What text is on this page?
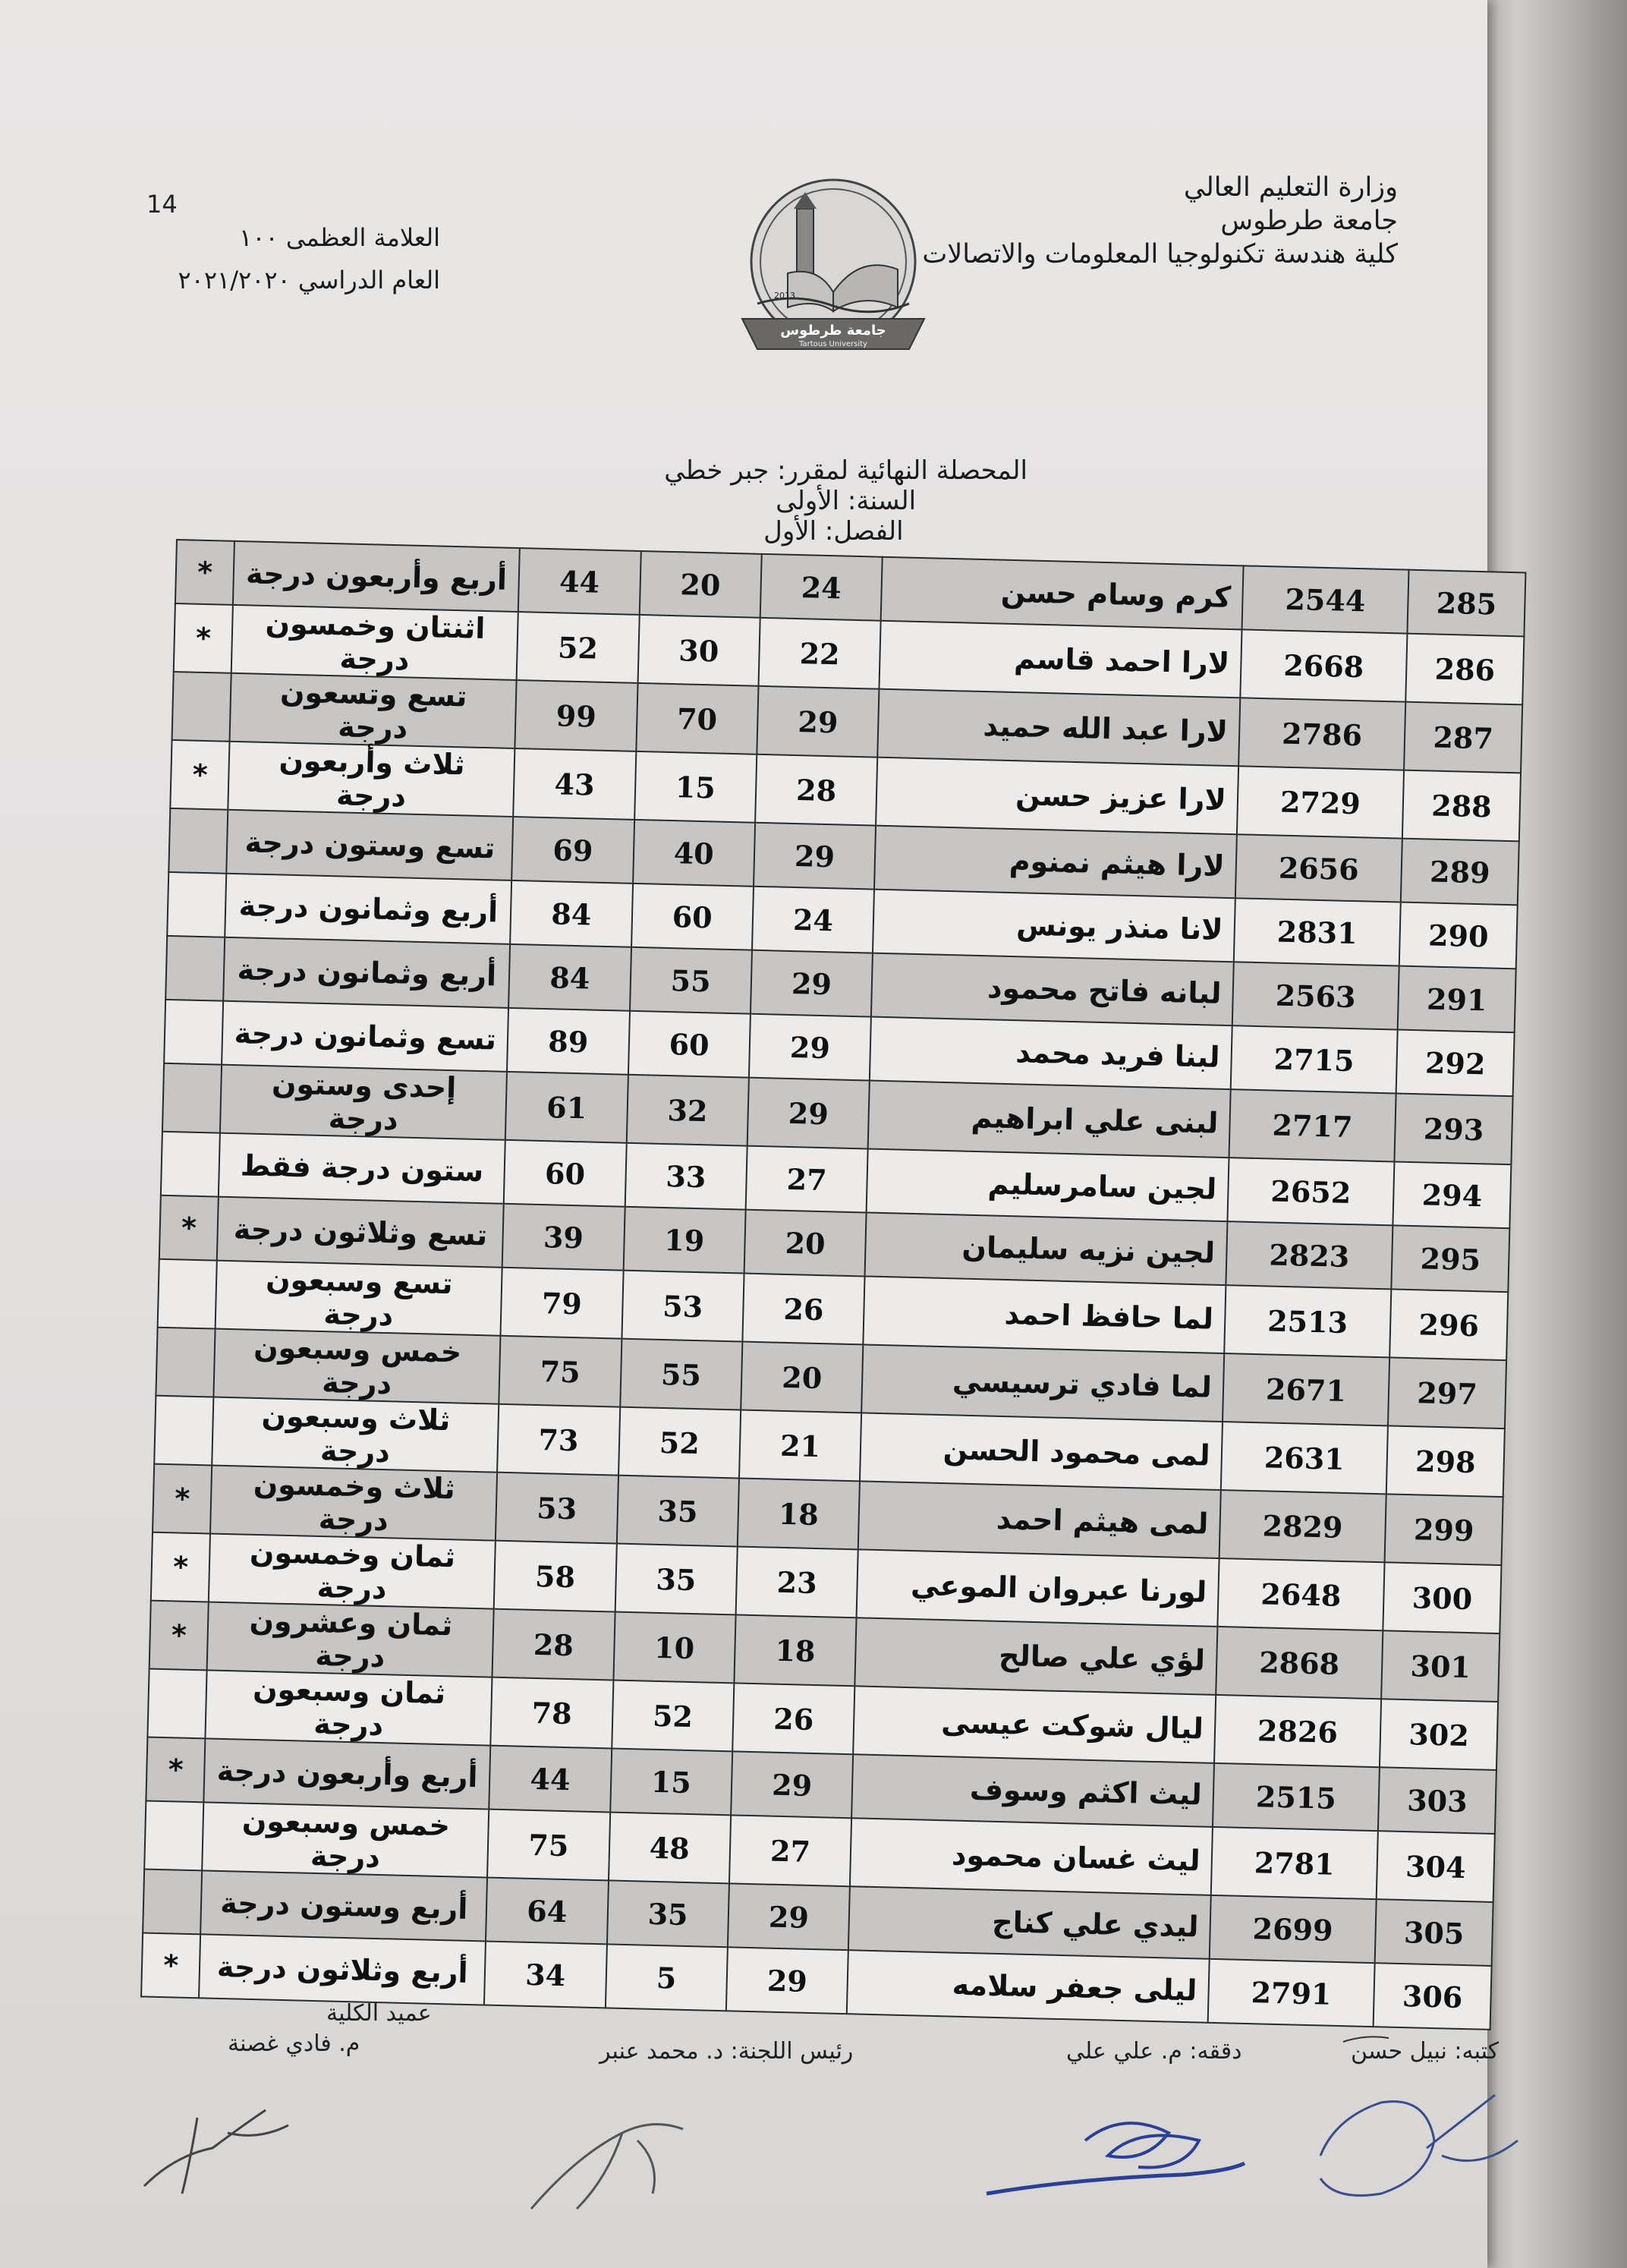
وزارة التعليم العالي
جامعة طرطوس
كلية هندسة تكنولوجيا المعلومات والاتصالات
14
العلامة العظمى ١٠٠
العام الدراسي ٢٠٢١/٢٠٢٠
2013
جامعة طرطوس
Tartous University

المحصلة النهائية لمقرر: جبر خطي
السنة: الأولى
الفصل: الأول

285	2544	كرم وسام حسن	24	20	44	أربع وأربعون درجة	*
286	2668	لارا احمد قاسم	22	30	52	اثنتان وخمسون درجة	*
287	2786	لارا عبد الله حميد	29	70	99	تسع وتسعون درجة	
288	2729	لارا عزيز حسن	28	15	43	ثلاث وأربعون درجة	*
289	2656	لارا هيثم نمنوم	29	40	69	تسع وستون درجة	
290	2831	لانا منذر يونس	24	60	84	أربع وثمانون درجة	
291	2563	لبانه فاتح محمود	29	55	84	أربع وثمانون درجة	
292	2715	لبنا فريد محمد	29	60	89	تسع وثمانون درجة	
293	2717	لبنى علي ابراهيم	29	32	61	إحدى وستون درجة	
294	2652	لجين سامرسليم	27	33	60	ستون درجة فقط	
295	2823	لجين نزيه سليمان	20	19	39	تسع وثلاثون درجة	*
296	2513	لما حافظ احمد	26	53	79	تسع وسبعون درجة	
297	2671	لما فادي ترسيسي	20	55	75	خمس وسبعون درجة	
298	2631	لمى محمود الحسن	21	52	73	ثلاث وسبعون درجة	
299	2829	لمى هيثم احمد	18	35	53	ثلاث وخمسون درجة	*
300	2648	لورنا عبروان الموعي	23	35	58	ثمان وخمسون درجة	*
301	2868	لؤي علي صالح	18	10	28	ثمان وعشرون درجة	*
302	2826	ليال شوكت عيسى	26	52	78	ثمان وسبعون درجة	
303	2515	ليث اكثم وسوف	29	15	44	أربع وأربعون درجة	*
304	2781	ليث غسان محمود	27	48	75	خمس وسبعون درجة	
305	2699	ليدي علي كناج	29	35	64	أربع وستون درجة	
306	2791	ليلى جعفر سلامه	29	5	34	أربع وثلاثون درجة	*
كتبه: نبيل حسن
دققه: م. علي علي
رئيس اللجنة: د. محمد عنبر
عميد الكلية
م. فادي غصنة
